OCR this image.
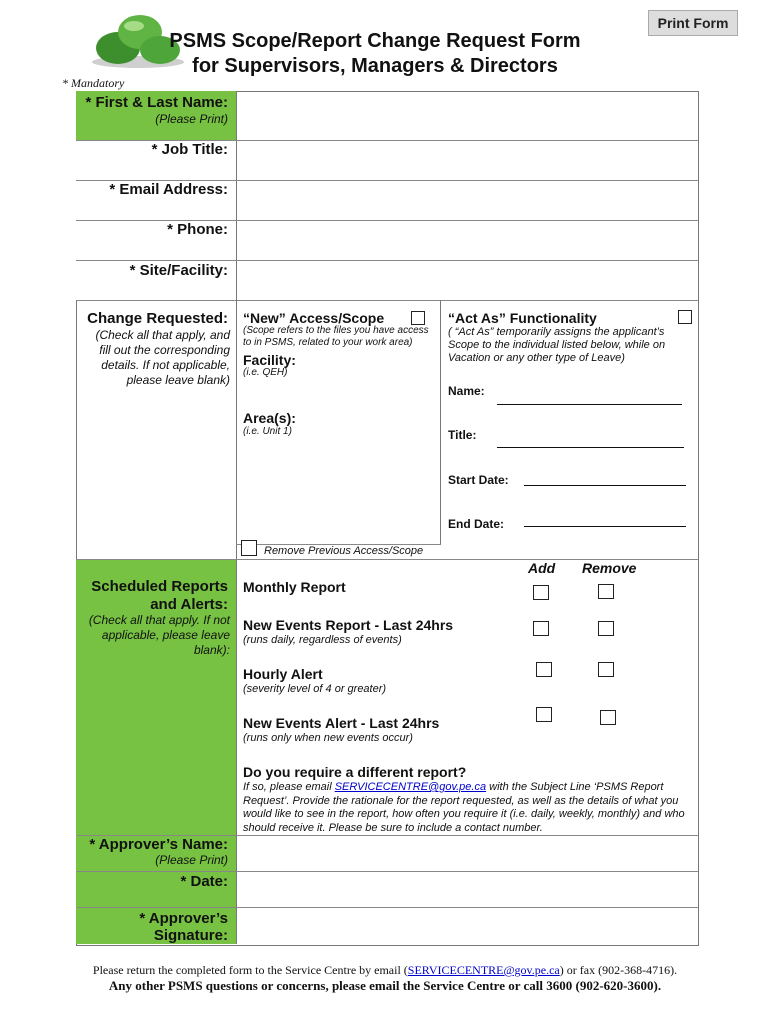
Print Form
PSMS Scope/Report Change Request Form
for Supervisors, Managers & Directors
* Mandatory
* First & Last Name:
(Please Print)
* Job Title:
* Email Address:
* Phone:
* Site/Facility:
Change Requested:
(Check all that apply, and fill out the corresponding details. If not applicable, please leave blank)
“New” Access/Scope
(Scope refers to the files you have access to in PSMS, related to your work area)
Facility:
(i.e. QEH)
Area(s):
(i.e. Unit 1)
“Act As” Functionality
( “Act As” temporarily assigns the applicant’s Scope to the individual listed below, while on Vacation or any other type of Leave)
Name:
Title:
Start Date:
End Date:
Remove Previous Access/Scope
Scheduled Reports
and Alerts:
(Check all that apply. If not applicable, please leave blank):
Add Remove
Monthly Report
New Events Report - Last 24hrs
(runs daily, regardless of events)
Hourly Alert
(severity level of 4 or greater)
New Events Alert - Last 24hrs
(runs only when new events occur)
Do you require a different report?
If so, please email SERVICECENTRE@gov.pe.ca with the Subject Line ‘PSMS Report Request’. Provide the rationale for the report requested, as well as the details of what you would like to see in the report, how often you require it (i.e. daily, weekly, monthly) and who should receive it. Please be sure to include a contact number.
* Approver’s Name:
(Please Print)
* Date:
* Approver’s
Signature:
Please return the completed form to the Service Centre by email (SERVICECENTRE@gov.pe.ca) or fax (902-368-4716).
Any other PSMS questions or concerns, please email the Service Centre or call 3600 (902-620-3600).
